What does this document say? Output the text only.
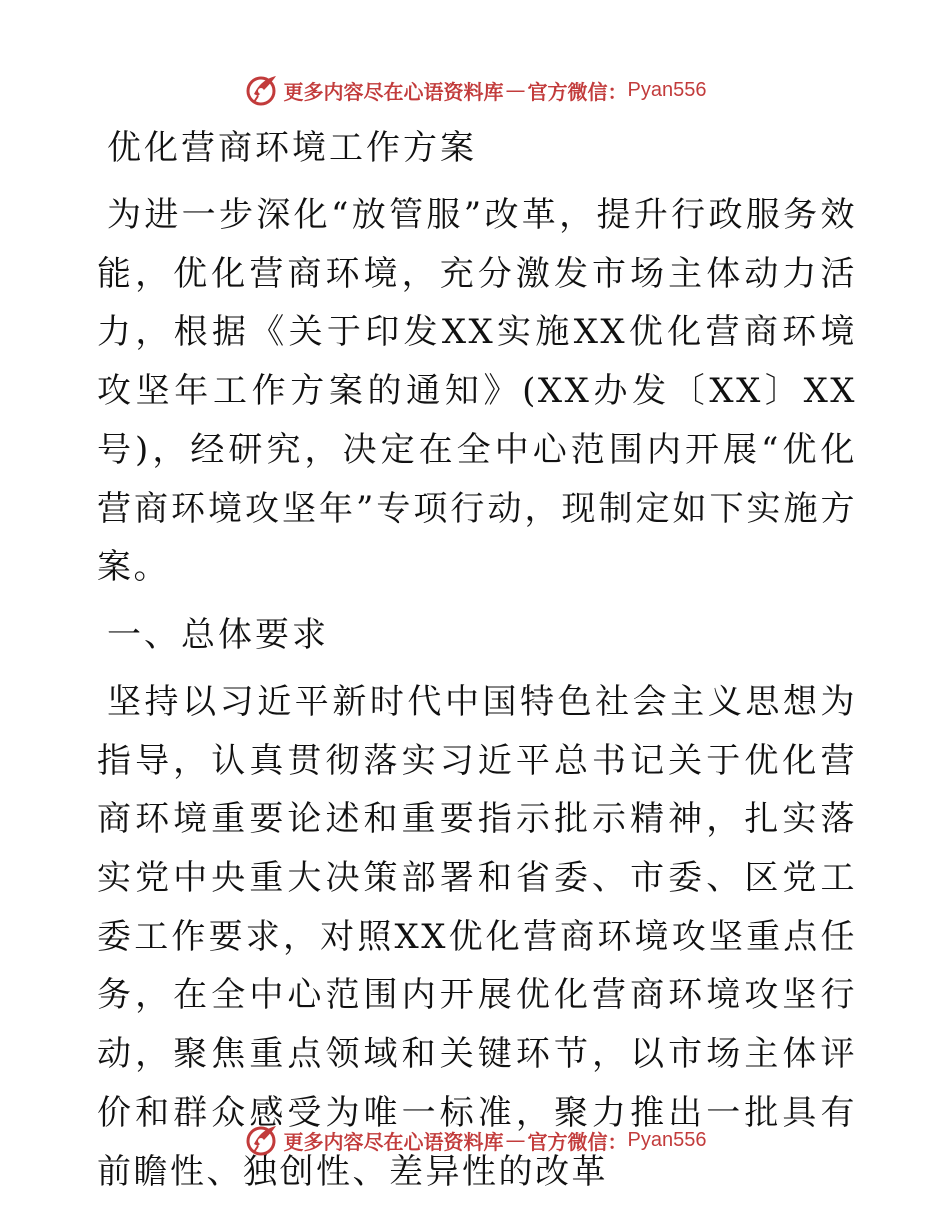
更多内容尽在心语资料库 — 官方微信： Pyan556
优化营商环境工作方案

为进一步深化“放管服”改革，提升行政服务效能，优化营商环境，充分激发市场主体动力活力，根据《关于印发XX实施XX优化营商环境攻坚年工作方案的通知》(XX办发〔XX〕XX号)，经研究，决定在全中心范围内开展“优化营商环境攻坚年”专项行动，现制定如下实施方案。

一、总体要求

坚持以习近平新时代中国特色社会主义思想为指导，认真贯彻落实习近平总书记关于优化营商环境重要论述和重要指示批示精神，扎实落实党中央重大决策部署和省委、市委、区党工委工作要求，对照XX优化营商环境攻坚重点任务，在全中心范围内开展优化营商环境攻坚行动，聚焦重点领域和关键环节，以市场主体评价和群众感受为唯一标准，聚力推出一批具有前瞻性、独创性、差异性的改革

更多内容尽在心语资料库 — 官方微信： Pyan556
